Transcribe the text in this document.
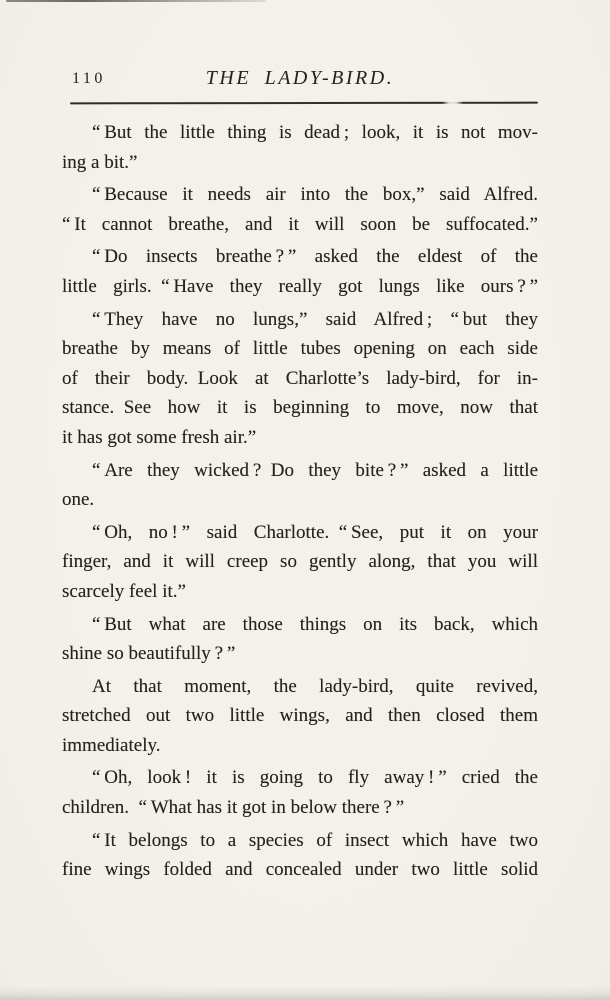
110	THE LADY-BIRD.

“ But the little thing is dead ; look, it is not mov-
ing a bit.”

“ Because it needs air into the box,” said Alfred.
“ It cannot breathe, and it will soon be suffocated.”

“ Do insects breathe ? ” asked the eldest of the
little girls. “ Have they really got lungs like ours ? ”

“ They have no lungs,” said Alfred ; “ but they
breathe by means of little tubes opening on each side
of their body. Look at Charlotte’s lady-bird, for in-
stance. See how it is beginning to move, now that
it has got some fresh air.”

“ Are they wicked ? Do they bite ? ” asked a little
one.

“ Oh, no ! ” said Charlotte. “ See, put it on your
finger, and it will creep so gently along, that you will
scarcely feel it.”

“ But what are those things on its back, which
shine so beautifully ? ”

At that moment, the lady-bird, quite revived,
stretched out two little wings, and then closed them
immediately.

“ Oh, look ! it is going to fly away ! ” cried the
children. “ What has it got in below there ? ”

“ It belongs to a species of insect which have two
fine wings folded and concealed under two little solid
